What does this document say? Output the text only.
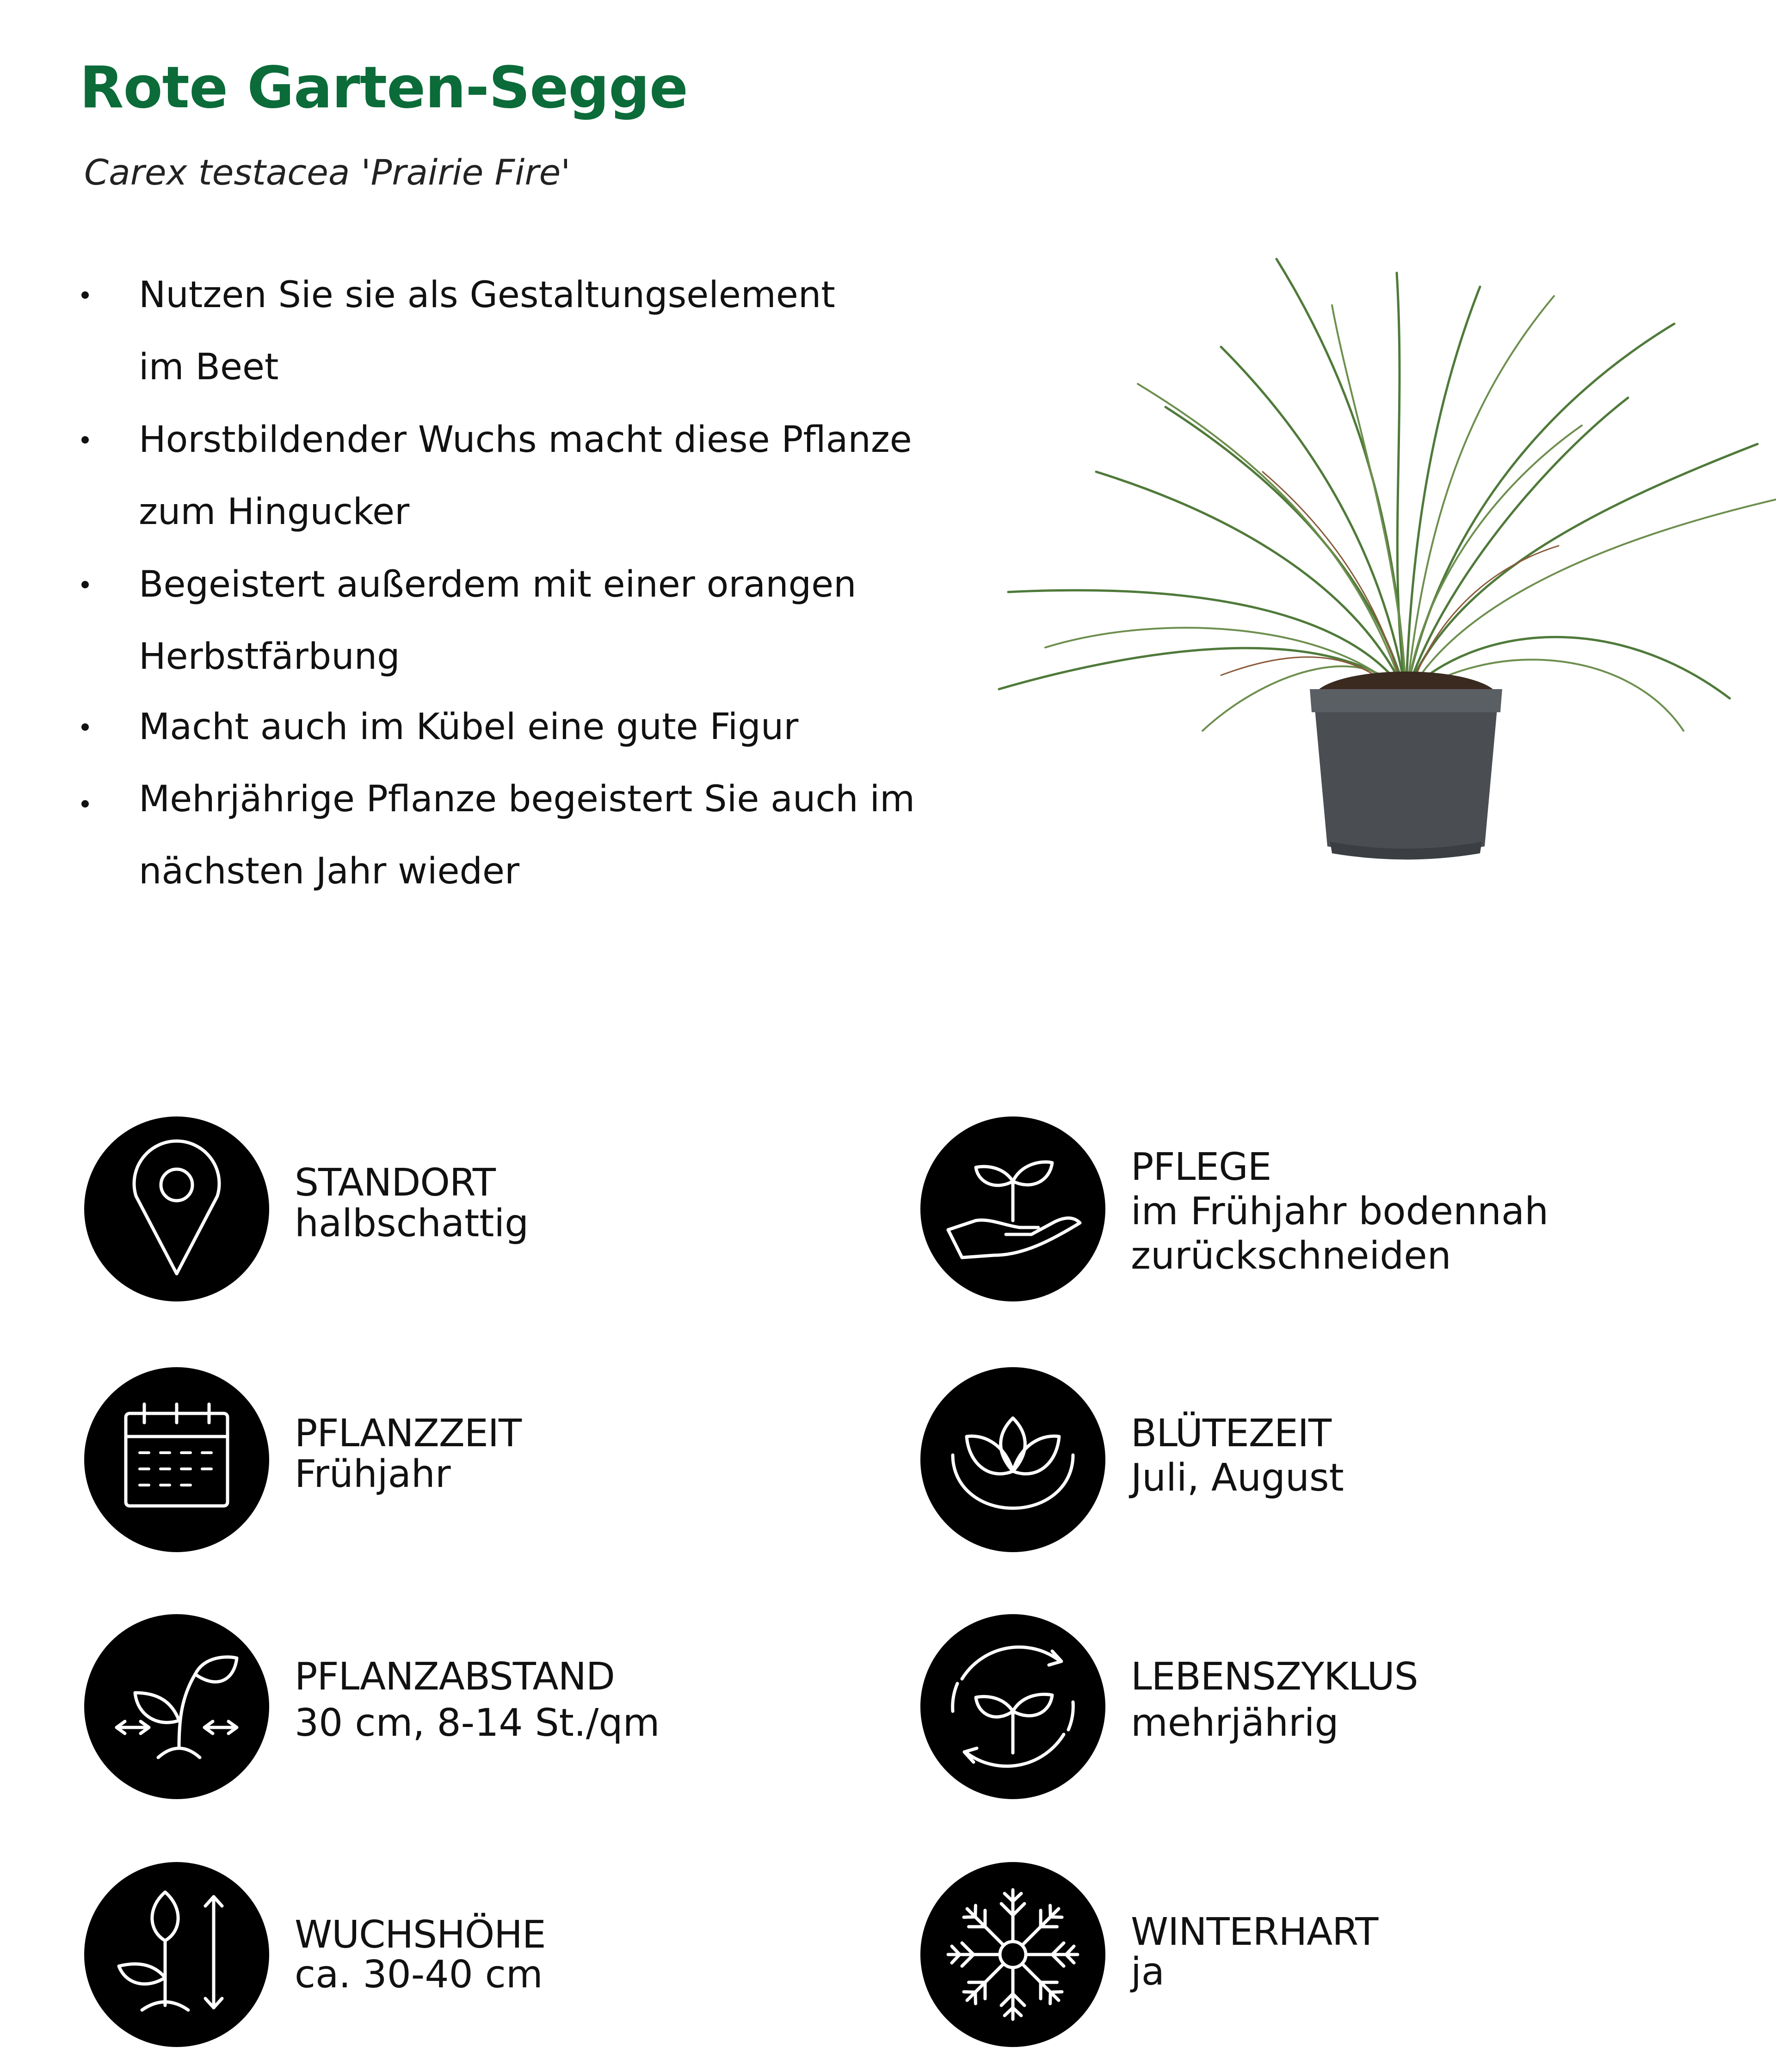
Rote Garten-Segge
Carex testacea 'Prairie Fire'
Nutzen Sie sie als Gestaltungselement
im Beet
Horstbildender Wuchs macht diese Pflanze
zum Hingucker
Begeistert außerdem mit einer orangen
Herbstfärbung
Macht auch im Kübel eine gute Figur
Mehrjährige Pflanze begeistert Sie auch im
nächsten Jahr wieder
STANDORT
halbschattig
PFLANZZEIT
Frühjahr
PFLANZABSTAND
30 cm, 8-14 St./qm
WUCHSHÖHE
ca. 30-40 cm
PFLEGE
im Frühjahr bodennah
zurückschneiden
BLÜTEZEIT
Juli, August
LEBENSZYKLUS
mehrjährig
WINTERHART
ja
